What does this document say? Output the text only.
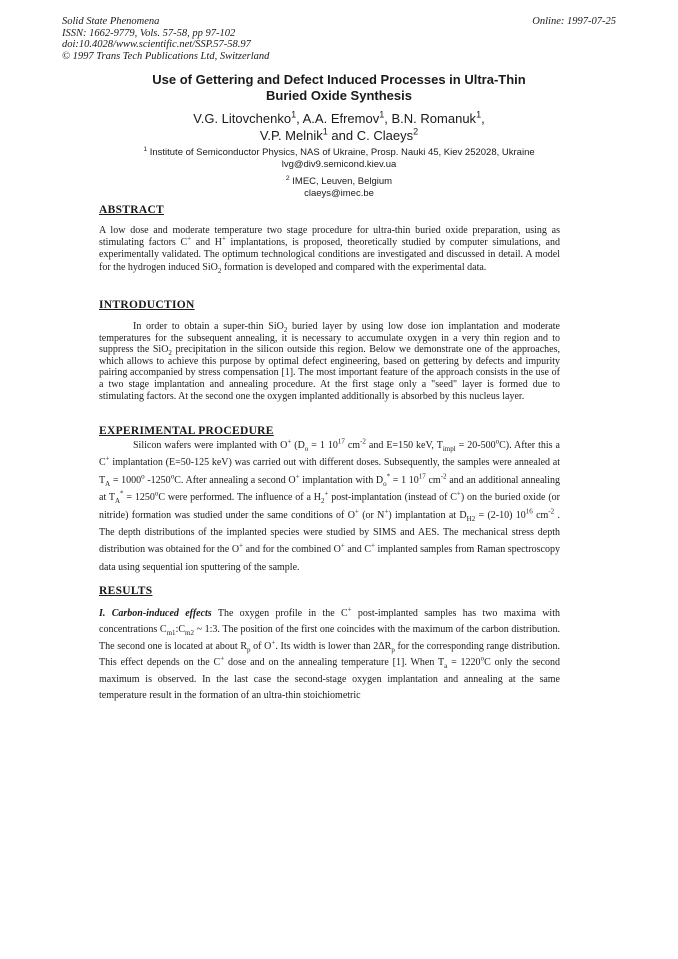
Solid State Phenomena
ISSN: 1662-9779, Vols. 57-58, pp 97-102
doi:10.4028/www.scientific.net/SSP.57-58.97
© 1997 Trans Tech Publications Ltd, Switzerland
Online: 1997-07-25
Use of Gettering and Defect Induced Processes in Ultra-Thin
Buried Oxide Synthesis
V.G. Litovchenko$^1$, A.A. Efremov$^1$, B.N. Romanuk$^1$,
V.P. Melnik$^1$ and C. Claeys$^2$
$^1$ Institute of Semiconductor Physics, NAS of Ukraine, Prosp. Nauki 45, Kiev 252028, Ukraine
lvg@div9.semicond.kiev.ua
$^2$ IMEC, Leuven, Belgium
claeys@imec.be
ABSTRACT
A low dose and moderate temperature two stage procedure for ultra-thin buried oxide preparation, using as stimulating factors C+ and H+ implantations, is proposed, theoretically studied by computer simulations, and experimentally validated. The optimum technological conditions are investigated and discussed in detail. A model for the hydrogen induced SiO$_2$ formation is developed and compared with the experimental data.
INTRODUCTION
In order to obtain a super-thin SiO$_2$ buried layer by using low dose ion implantation and moderate temperatures for the subsequent annealing, it is necessary to accumulate oxygen in a very thin region and to suppress the SiO$_2$ precipitation in the silicon outside this region. Below we demonstrate one of the approaches, which allows to achieve this purpose by optimal defect engineering, based on gettering by defects and impurity pairing accompanied by stress compensation [1]. The most important feature of the approach consists in the use of a two stage implantation and annealing procedure. At the first stage only a "seed" layer is formed due to stimulating factors. At the second one the oxygen implanted additionally is absorbed by this nucleus layer.
EXPERIMENTAL PROCEDURE
Silicon wafers were implanted with O+ ($D_o = 1$ $10^{17}$ $cm^{-2}$ and E=150 keV, $T_{impl} = 20-500^oC$). After this a C+ implantation (E=50-125 keV) was carried out with different doses. Subsequently, the samples were annealed at $T_A = 1000^o$ -1250$^o$C. After annealing a second O+ implantation with $D_o^* = 1$ $10^{17}$ $cm^{-2}$ and an additional annealing at $T_A^* = 1250^oC$ were performed. The influence of a $H_2^+$ post-implantation (instead of C+) on the buried oxide (or nitride) formation was studied under the same conditions of O+ (or N+) implantation at $D_{H2} = (2-10)$ $10^{16}$ $cm^{-2}$ . The depth distributions of the implanted species were studied by SIMS and AES. The mechanical stress depth distribution was obtained for the O+ and for the combined O+ and C+ implanted samples from Raman spectroscopy data using sequential ion sputtering of the sample.
RESULTS
I. Carbon-induced effects The oxygen profile in the C+ post-implanted samples has two maxima with concentrations $C_{m1}:C_{m2}$ ~ 1:3. The position of the first one coincides with the maximum of the carbon distribution. The second one is located at about $R_p$ of O+. Its width is lower than $2\Delta R_p$ for the corresponding range distribution. This effect depends on the C+ dose and on the annealing temperature [1]. When $T_a = 1220^oC$ only the second maximum is observed. In the last case the second-stage oxygen implantation and annealing at the same temperature result in the formation of an ultra-thin stoichiometric
